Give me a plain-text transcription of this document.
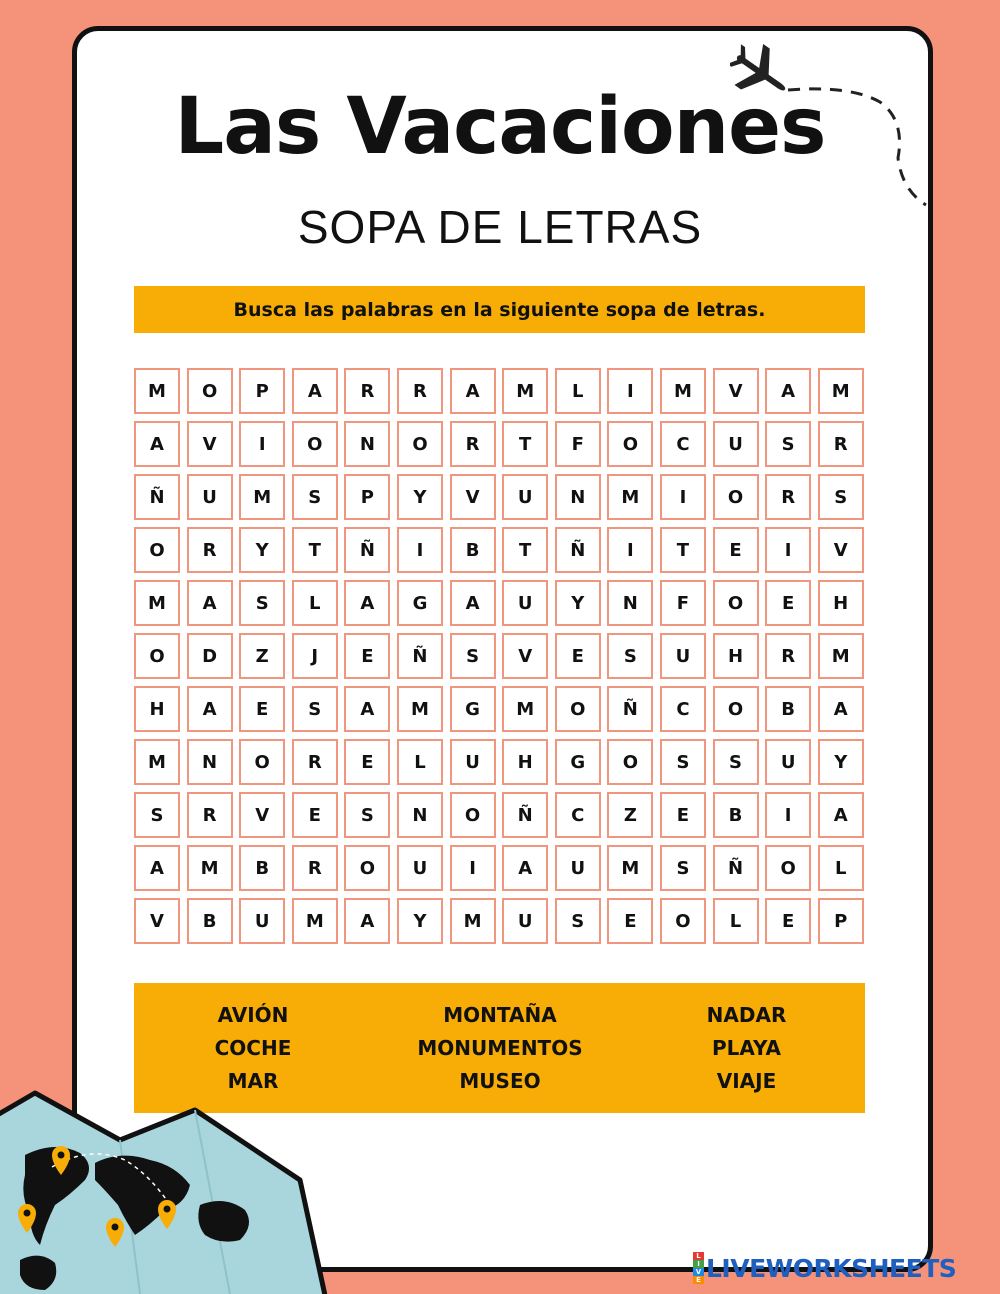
Las Vacaciones
SOPA DE LETRAS
Busca las palabras en la siguiente sopa de letras.
M	O	P	A	R	R	A	M	L	I	M	V	A	M
A	V	I	O	N	O	R	T	F	O	C	U	S	R
Ñ	U	M	S	P	Y	V	U	N	M	I	O	R	S
O	R	Y	T	Ñ	I	B	T	Ñ	I	T	E	I	V
M	A	S	L	A	G	A	U	Y	N	F	O	E	H
O	D	Z	J	E	Ñ	S	V	E	S	U	H	R	M
H	A	E	S	A	M	G	M	O	Ñ	C	O	B	A
M	N	O	R	E	L	U	H	G	O	S	S	U	Y
S	R	V	E	S	N	O	Ñ	C	Z	E	B	I	A
A	M	B	R	O	U	I	A	U	M	S	Ñ	O	L
V	B	U	M	A	Y	M	U	S	E	O	L	E	P
AVIÓN
COCHE
MAR
MONTAÑA
MONUMENTOS
MUSEO
NADAR
PLAYA
VIAJE
L
I
V
E LIVEWORKSHEETS
